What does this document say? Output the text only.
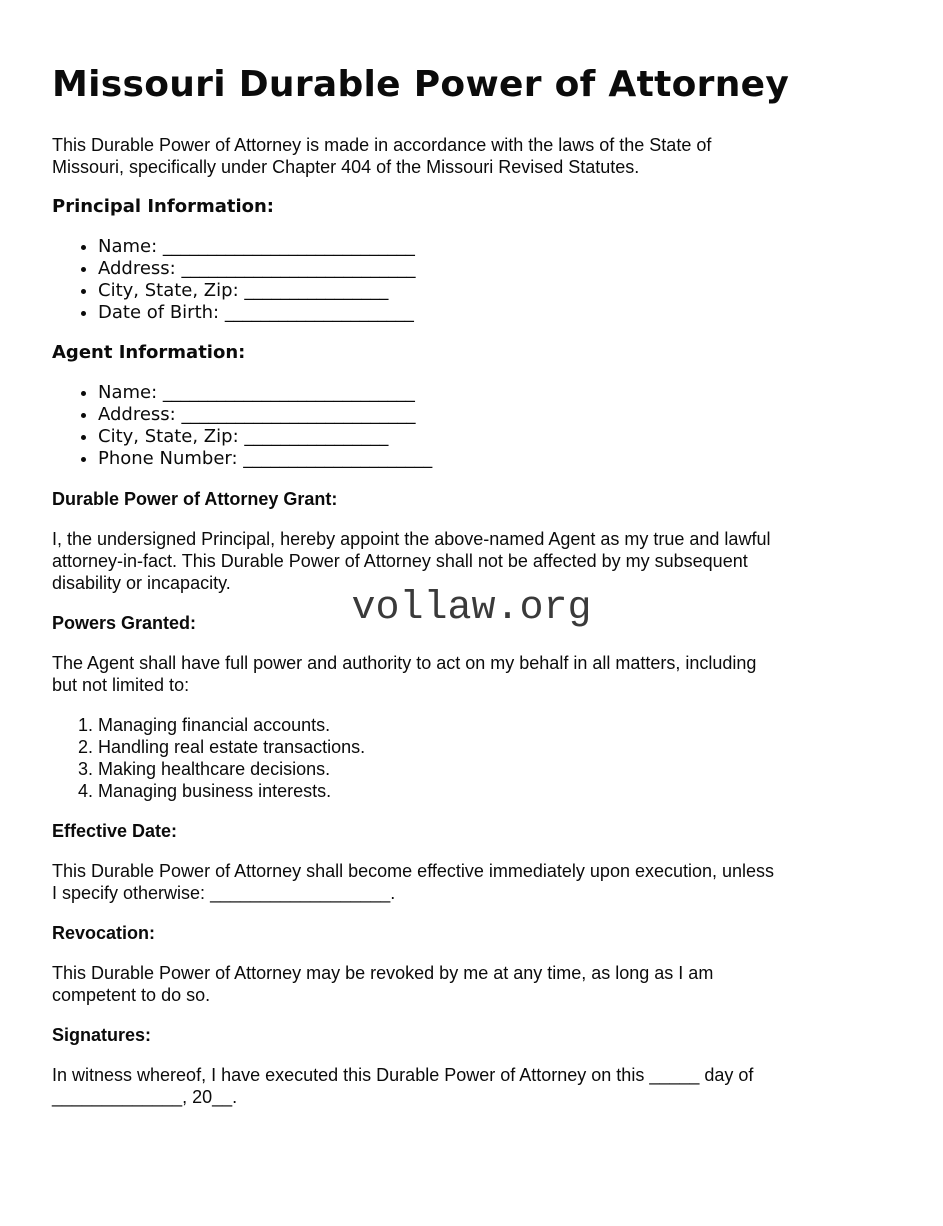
Missouri Durable Power of Attorney
This Durable Power of Attorney is made in accordance with the laws of the State of
Missouri, specifically under Chapter 404 of the Missouri Revised Statutes.
Principal Information:
• Name: ____________________________
• Address: __________________________
• City, State, Zip: ________________
• Date of Birth: _____________________
Agent Information:
• Name: ____________________________
• Address: __________________________
• City, State, Zip: ________________
• Phone Number: _____________________
Durable Power of Attorney Grant:
I, the undersigned Principal, hereby appoint the above-named Agent as my true and lawful
attorney-in-fact. This Durable Power of Attorney shall not be affected by my subsequent
disability or incapacity.
vollaw.org
Powers Granted:
The Agent shall have full power and authority to act on my behalf in all matters, including
but not limited to:
1. Managing financial accounts.
2. Handling real estate transactions.
3. Making healthcare decisions.
4. Managing business interests.
Effective Date:
This Durable Power of Attorney shall become effective immediately upon execution, unless
I specify otherwise: __________________.
Revocation:
This Durable Power of Attorney may be revoked by me at any time, as long as I am
competent to do so.
Signatures:
In witness whereof, I have executed this Durable Power of Attorney on this _____ day of
_____________, 20__.
